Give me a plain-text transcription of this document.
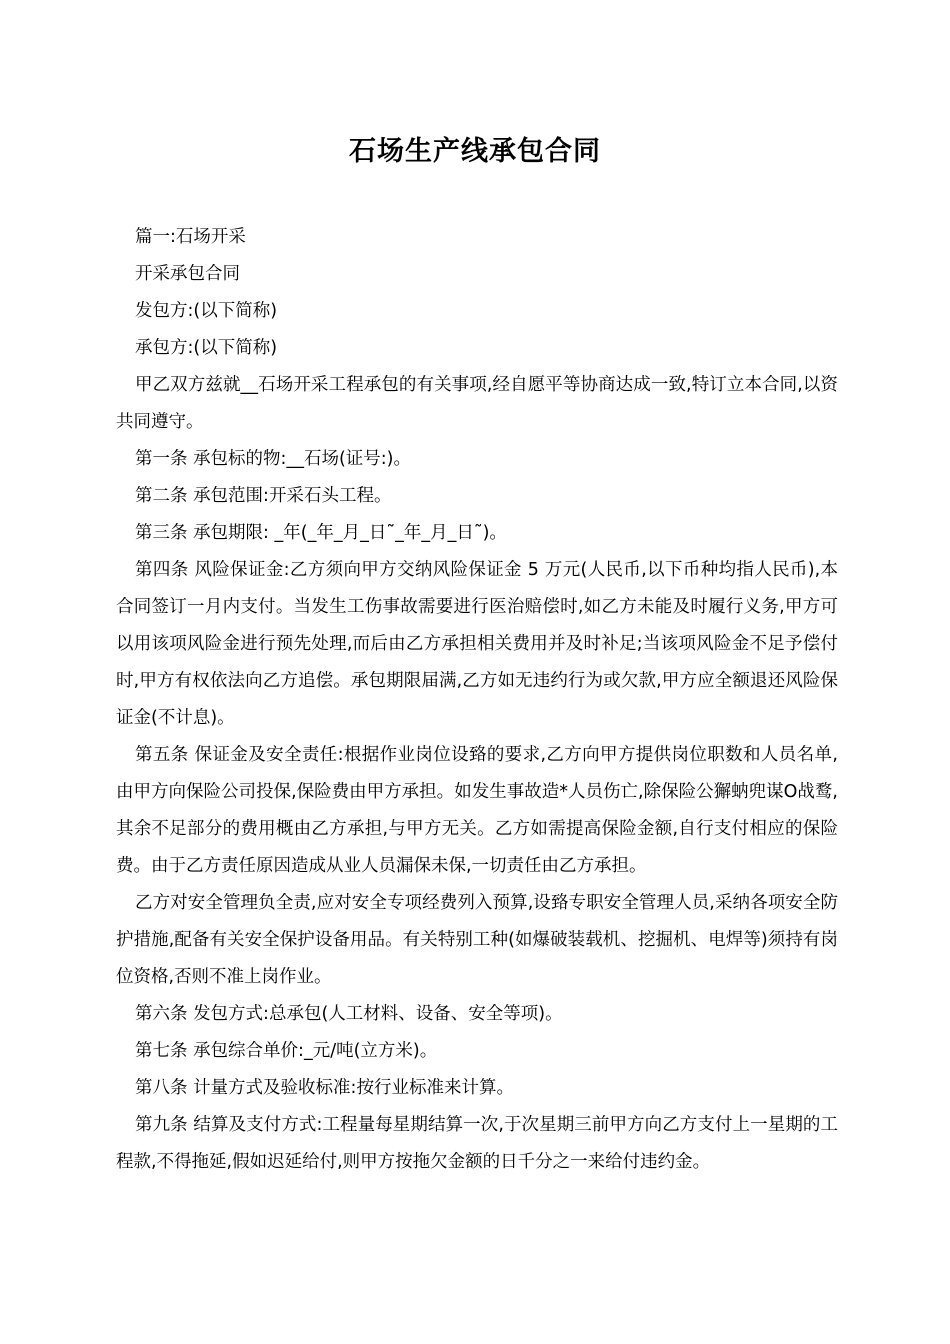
石场生产线承包合同

篇一:石场开采

开采承包合同

发包方:(以下简称)

承包方:(以下简称)

甲乙双方兹就__石场开采工程承包的有关事项,经自愿平等协商达成一致,特订立本合同,以资共同遵守。

第一条 承包标的物:__石场(证号:)。

第二条 承包范围:开采石头工程。

第三条 承包期限: _年(_年_月_日˜_年_月_日˜)。

第四条 风险保证金:乙方须向甲方交纳风险保证金 5 万元(人民币,以下币种均指人民币),本合同签订一月内支付。当发生工伤事故需要进行医治赔偿时,如乙方未能及时履行义务,甲方可以用该项风险金进行预先处理,而后由乙方承担相关费用并及时补足;当该项风险金不足予偿付时,甲方有权依法向乙方追偿。承包期限届满,乙方如无违约行为或欠款,甲方应全额退还风险保证金(不计息)。

第五条 保证金及安全责任:根据作业岗位设臵的要求,乙方向甲方提供岗位职数和人员名单,由甲方向保险公司投保,保险费由甲方承担。如发生事故造*人员伤亡,除保险公獬蚋兜谋O战鹜,其余不足部分的费用概由乙方承担,与甲方无关。乙方如需提高保险金额,自行支付相应的保险费。由于乙方责任原因造成从业人员漏保未保,一切责任由乙方承担。

乙方对安全管理负全责,应对安全专项经费列入预算,设臵专职安全管理人员,采纳各项安全防护措施,配备有关安全保护设备用品。有关特别工种(如爆破装载机、挖掘机、电焊等)须持有岗位资格,否则不准上岗作业。

第六条 发包方式:总承包(人工材料、设备、安全等项)。

第七条 承包综合单价:_元/吨(立方米)。

第八条 计量方式及验收标准:按行业标准来计算。

第九条 结算及支付方式:工程量每星期结算一次,于次星期三前甲方向乙方支付上一星期的工程款,不得拖延,假如迟延给付,则甲方按拖欠金额的日千分之一来给付违约金。
